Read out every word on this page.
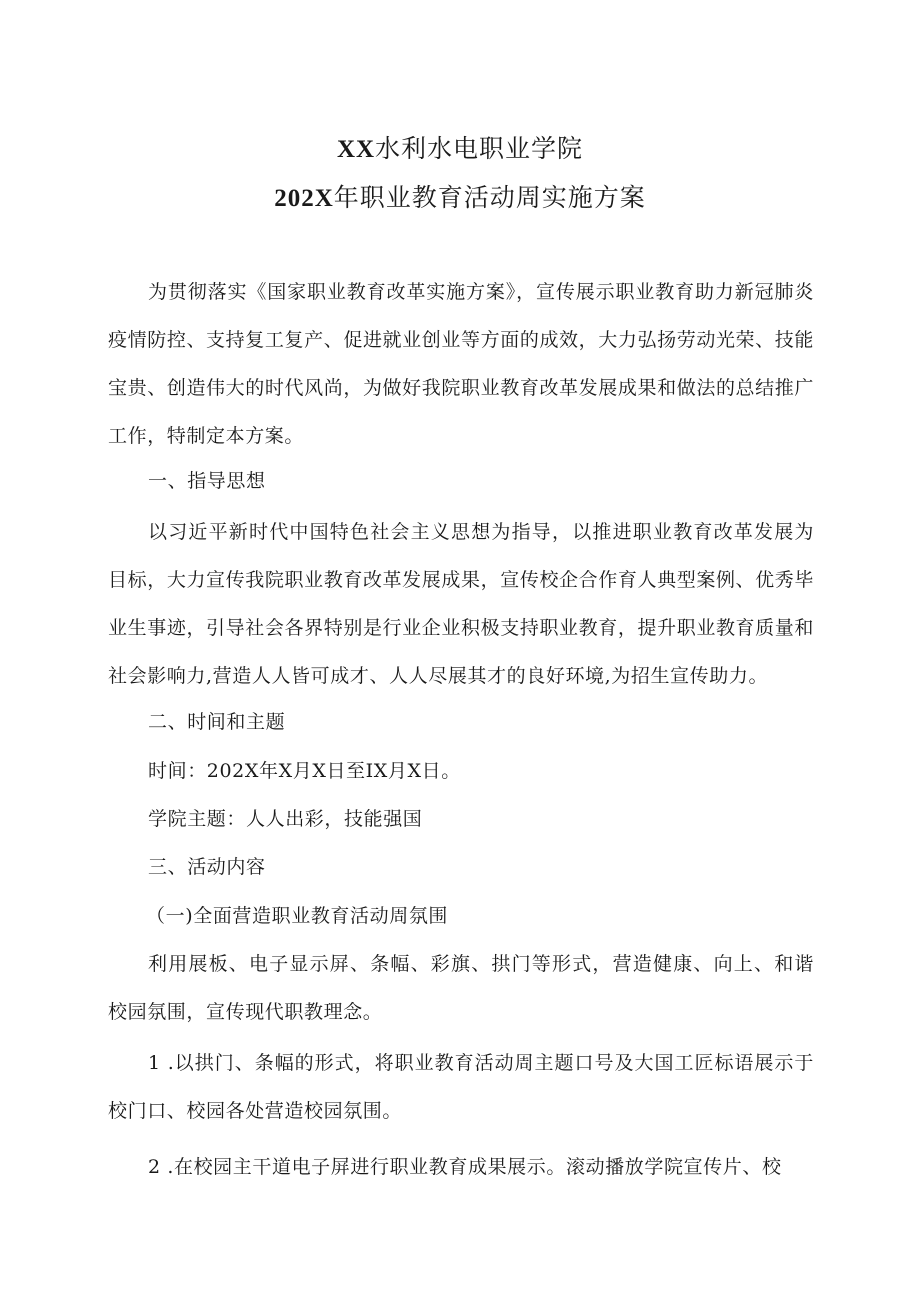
XX水利水电职业学院
202X年职业教育活动周实施方案
为贯彻落实《国家职业教育改革实施方案》，宣传展示职业教育助力新冠肺炎疫情防控、支持复工复产、促进就业创业等方面的成效，大力弘扬劳动光荣、技能宝贵、创造伟大的时代风尚，为做好我院职业教育改革发展成果和做法的总结推广工作，特制定本方案。
一、指导思想
以习近平新时代中国特色社会主义思想为指导，以推进职业教育改革发展为目标，大力宣传我院职业教育改革发展成果，宣传校企合作育人典型案例、优秀毕业生事迹，引导社会各界特别是行业企业积极支持职业教育，提升职业教育质量和社会影响力,营造人人皆可成才、人人尽展其才的良好环境,为招生宣传助力。
二、时间和主题
时间：202X年X月X日至IX月X日。
学院主题：人人出彩，技能强国
三、活动内容
（一)全面营造职业教育活动周氛围
利用展板、电子显示屏、条幅、彩旗、拱门等形式，营造健康、向上、和谐校园氛围，宣传现代职教理念。
1 .以拱门、条幅的形式，将职业教育活动周主题口号及大国工匠标语展示于校门口、校园各处营造校园氛围。
2 .在校园主干道电子屏进行职业教育成果展示。滚动播放学院宣传片、校
